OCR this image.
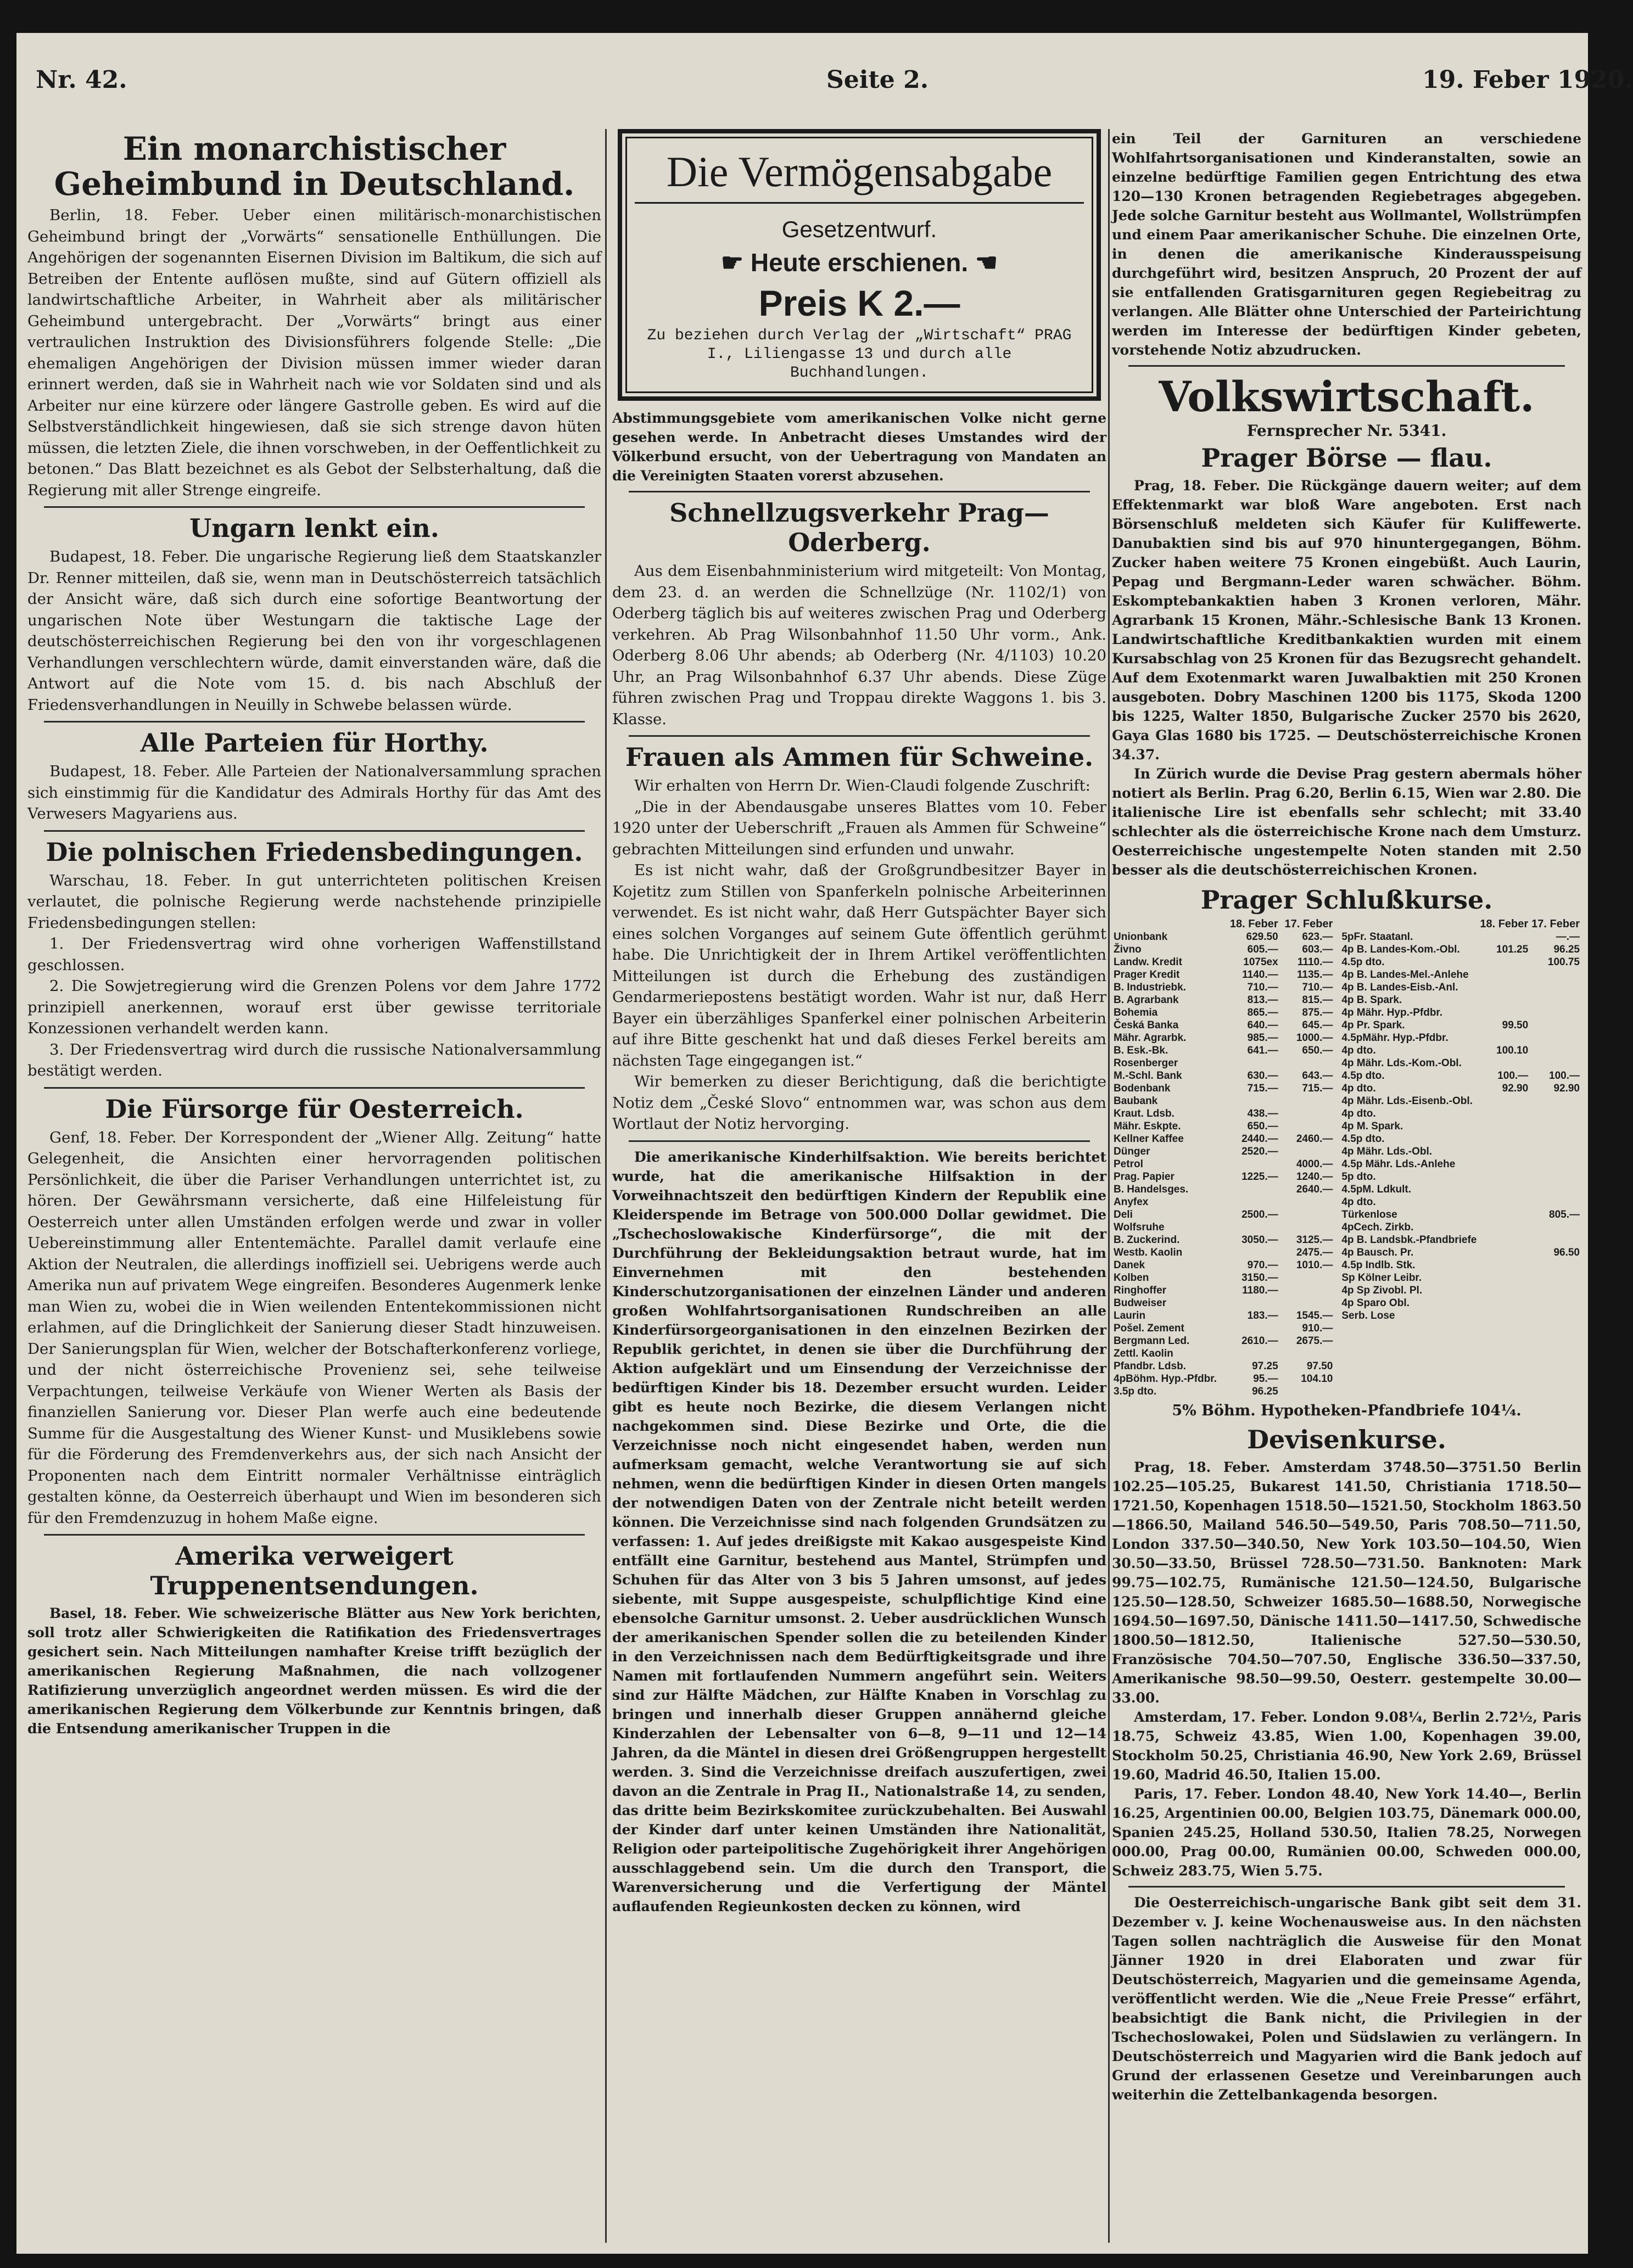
Nr. 42.	Seite 2.	19. Feber 1920.
Ein monarchistischer Geheimbund in Deutschland.

Berlin, 18. Feber. Ueber einen militärisch-monarchistischen Geheimbund bringt der „Vorwärts“ sensationelle Enthüllungen. Die Angehörigen der sogenannten Eisernen Division im Baltikum, die sich auf Betreiben der Entente auflösen mußte, sind auf Gütern offiziell als landwirtschaftliche Arbeiter, in Wahrheit aber als militärischer Geheimbund untergebracht. Der „Vorwärts“ bringt aus einer vertraulichen Instruktion des Divisionsführers folgende Stelle: „Die ehemaligen Angehörigen der Division müssen immer wieder daran erinnert werden, daß sie in Wahrheit nach wie vor Soldaten sind und als Arbeiter nur eine kürzere oder längere Gastrolle geben. Es wird auf die Selbstverständlichkeit hingewiesen, daß sie sich strenge davon hüten müssen, die letzten Ziele, die ihnen vorschweben, in der Oeffentlichkeit zu betonen.“ Das Blatt bezeichnet es als Gebot der Selbsterhaltung, daß die Regierung mit aller Strenge eingreife.

Ungarn lenkt ein.

Budapest, 18. Feber. Die ungarische Regierung ließ dem Staatskanzler Dr. Renner mitteilen, daß sie, wenn man in Deutschösterreich tatsächlich der Ansicht wäre, daß sich durch eine sofortige Beantwortung der ungarischen Note über Westungarn die taktische Lage der deutschösterreichischen Regierung bei den von ihr vorgeschlagenen Verhandlungen verschlechtern würde, damit einverstanden wäre, daß die Antwort auf die Note vom 15. d. bis nach Abschluß der Friedensverhandlungen in Neuilly in Schwebe belassen würde.

Alle Parteien für Horthy.

Budapest, 18. Feber. Alle Parteien der Nationalversammlung sprachen sich einstimmig für die Kandidatur des Admirals Horthy für das Amt des Verwesers Magyariens aus.

Die polnischen Friedensbedingungen.

Warschau, 18. Feber. In gut unterrichteten politischen Kreisen verlautet, die polnische Regierung werde nachstehende prinzipielle Friedensbedingungen stellen:

1. Der Friedensvertrag wird ohne vorherigen Waffenstillstand geschlossen.

2. Die Sowjetregierung wird die Grenzen Polens vor dem Jahre 1772 prinzipiell anerkennen, worauf erst über gewisse territoriale Konzessionen verhandelt werden kann.

3. Der Friedensvertrag wird durch die russische Nationalversammlung bestätigt werden.

Die Fürsorge für Oesterreich.

Genf, 18. Feber. Der Korrespondent der „Wiener Allg. Zeitung“ hatte Gelegenheit, die Ansichten einer hervorragenden politischen Persönlichkeit, die über die Pariser Verhandlungen unterrichtet ist, zu hören. Der Gewährsmann versicherte, daß eine Hilfeleistung für Oesterreich unter allen Umständen erfolgen werde und zwar in voller Uebereinstimmung aller Ententemächte. Parallel damit verlaufe eine Aktion der Neutralen, die allerdings inoffiziell sei. Uebrigens werde auch Amerika nun auf privatem Wege eingreifen. Besonderes Augenmerk lenke man Wien zu, wobei die in Wien weilenden Ententekommissionen nicht erlahmen, auf die Dringlichkeit der Sanierung dieser Stadt hinzuweisen. Der Sanierungsplan für Wien, welcher der Botschafterkonferenz vorliege, und der nicht österreichische Provenienz sei, sehe teilweise Verpachtungen, teilweise Verkäufe von Wiener Werten als Basis der finanziellen Sanierung vor. Dieser Plan werfe auch eine bedeutende Summe für die Ausgestaltung des Wiener Kunst- und Musiklebens sowie für die Förderung des Fremdenverkehrs aus, der sich nach Ansicht der Proponenten nach dem Eintritt normaler Verhältnisse einträglich gestalten könne, da Oesterreich überhaupt und Wien im besonderen sich für den Fremdenzuzug in hohem Maße eigne.

Amerika verweigert Truppenentsendungen.

Basel, 18. Feber. Wie schweizerische Blätter aus New York berichten, soll trotz aller Schwierigkeiten die Ratifikation des Friedensvertrages gesichert sein. Nach Mitteilungen namhafter Kreise trifft bezüglich der amerikanischen Regierung Maßnahmen, die nach vollzogener Ratifizierung unverzüglich angeordnet werden müssen. Es wird die der amerikanischen Regierung dem Völkerbunde zur Kenntnis bringen, daß die Entsendung amerikanischer Truppen in die

Die Vermögensabgabe
Gesetzentwurf.
☛ Heute erschienen. ☚
Preis K 2.—
Zu beziehen durch Verlag der „Wirtschaft“ PRAG I., Liliengasse 13 und durch alle Buchhandlungen.

Abstimmungsgebiete vom amerikanischen Volke nicht gerne gesehen werde. In Anbetracht dieses Umstandes wird der Völkerbund ersucht, von der Uebertragung von Mandaten an die Vereinigten Staaten vorerst abzusehen.

Schnellzugsverkehr Prag—Oderberg.

Aus dem Eisenbahnministerium wird mitgeteilt: Von Montag, dem 23. d. an werden die Schnellzüge (Nr. 1102/1) von Oderberg täglich bis auf weiteres zwischen Prag und Oderberg verkehren. Ab Prag Wilsonbahnhof 11.50 Uhr vorm., Ank. Oderberg 8.06 Uhr abends; ab Oderberg (Nr. 4/1103) 10.20 Uhr, an Prag Wilsonbahnhof 6.37 Uhr abends. Diese Züge führen zwischen Prag und Troppau direkte Waggons 1. bis 3. Klasse.

Frauen als Ammen für Schweine.

Wir erhalten von Herrn Dr. Wien-Claudi folgende Zuschrift:

„Die in der Abendausgabe unseres Blattes vom 10. Feber 1920 unter der Ueberschrift „Frauen als Ammen für Schweine“ gebrachten Mitteilungen sind erfunden und unwahr.

Es ist nicht wahr, daß der Großgrundbesitzer Bayer in Kojetitz zum Stillen von Spanferkeln polnische Arbeiterinnen verwendet. Es ist nicht wahr, daß Herr Gutspächter Bayer sich eines solchen Vorganges auf seinem Gute öffentlich gerühmt habe. Die Unrichtigkeit der in Ihrem Artikel veröffentlichten Mitteilungen ist durch die Erhebung des zuständigen Gendarmeriepostens bestätigt worden. Wahr ist nur, daß Herr Bayer ein überzähliges Spanferkel einer polnischen Arbeiterin auf ihre Bitte geschenkt hat und daß dieses Ferkel bereits am nächsten Tage eingegangen ist.“

Wir bemerken zu dieser Berichtigung, daß die berichtigte Notiz dem „České Slovo“ entnommen war, was schon aus dem Wortlaut der Notiz hervorging.

Die amerikanische Kinderhilfsaktion. Wie bereits berichtet wurde, hat die amerikanische Hilfsaktion in der Vorweihnachtszeit den bedürftigen Kindern der Republik eine Kleiderspende im Betrage von 500.000 Dollar gewidmet. Die „Tschechoslowakische Kinderfürsorge“, die mit der Durchführung der Bekleidungsaktion betraut wurde, hat im Einvernehmen mit den bestehenden Kinderschutzorganisationen der einzelnen Länder und anderen großen Wohlfahrtsorganisationen Rundschreiben an alle Kinderfürsorgeorganisationen in den einzelnen Bezirken der Republik gerichtet, in denen sie über die Durchführung der Aktion aufgeklärt und um Einsendung der Verzeichnisse der bedürftigen Kinder bis 18. Dezember ersucht wurden. Leider gibt es heute noch Bezirke, die diesem Verlangen nicht nachgekommen sind. Diese Bezirke und Orte, die die Verzeichnisse noch nicht eingesendet haben, werden nun aufmerksam gemacht, welche Verantwortung sie auf sich nehmen, wenn die bedürftigen Kinder in diesen Orten mangels der notwendigen Daten von der Zentrale nicht beteilt werden können. Die Verzeichnisse sind nach folgenden Grundsätzen zu verfassen: 1. Auf jedes dreißigste mit Kakao ausgespeiste Kind entfällt eine Garnitur, bestehend aus Mantel, Strümpfen und Schuhen für das Alter von 3 bis 5 Jahren umsonst, auf jedes siebente, mit Suppe ausgespeiste, schulpflichtige Kind eine ebensolche Garnitur umsonst. 2. Ueber ausdrücklichen Wunsch der amerikanischen Spender sollen die zu beteilenden Kinder in den Verzeichnissen nach dem Bedürftigkeitsgrade und ihre Namen mit fortlaufenden Nummern angeführt sein. Weiters sind zur Hälfte Mädchen, zur Hälfte Knaben in Vorschlag zu bringen und innerhalb dieser Gruppen annähernd gleiche Kinderzahlen der Lebensalter von 6—8, 9—11 und 12—14 Jahren, da die Mäntel in diesen drei Größengruppen hergestellt werden. 3. Sind die Verzeichnisse dreifach auszufertigen, zwei davon an die Zentrale in Prag II., Nationalstraße 14, zu senden, das dritte beim Bezirkskomitee zurückzubehalten. Bei Auswahl der Kinder darf unter keinen Umständen ihre Nationalität, Religion oder parteipolitische Zugehörigkeit ihrer Angehörigen ausschlaggebend sein. Um die durch den Transport, die Warenversicherung und die Verfertigung der Mäntel auflaufenden Regieunkosten decken zu können, wird

ein Teil der Garnituren an verschiedene Wohlfahrtsorganisationen und Kinderanstalten, sowie an einzelne bedürftige Familien gegen Entrichtung des etwa 120—130 Kronen betragenden Regiebetrages abgegeben. Jede solche Garnitur besteht aus Wollmantel, Wollstrümpfen und einem Paar amerikanischer Schuhe. Die einzelnen Orte, in denen die amerikanische Kinderausspeisung durchgeführt wird, besitzen Anspruch, 20 Prozent der auf sie entfallenden Gratisgarnituren gegen Regiebeitrag zu verlangen. Alle Blätter ohne Unterschied der Parteirichtung werden im Interesse der bedürftigen Kinder gebeten, vorstehende Notiz abzudrucken.

Volkswirtschaft.
Fernsprecher Nr. 5341.
Prager Börse — flau.

Prag, 18. Feber. Die Rückgänge dauern weiter; auf dem Effektenmarkt war bloß Ware angeboten. Erst nach Börsenschluß meldeten sich Käufer für Kuliffewerte. Danubaktien sind bis auf 970 hinuntergegangen, Böhm. Zucker haben weitere 75 Kronen eingebüßt. Auch Laurin, Pepag und Bergmann-Leder waren schwächer. Böhm. Eskomptebankaktien haben 3 Kronen verloren, Mähr. Agrarbank 15 Kronen, Mähr.-Schlesische Bank 13 Kronen. Landwirtschaftliche Kreditbankaktien wurden mit einem Kursabschlag von 25 Kronen für das Bezugsrecht gehandelt. Auf dem Exotenmarkt waren Juwalbaktien mit 250 Kronen ausgeboten. Dobry Maschinen 1200 bis 1175, Skoda 1200 bis 1225, Walter 1850, Bulgarische Zucker 2570 bis 2620, Gaya Glas 1680 bis 1725. — Deutschösterreichische Kronen 34.37.

In Zürich wurde die Devise Prag gestern abermals höher notiert als Berlin. Prag 6.20, Berlin 6.15, Wien war 2.80. Die italienische Lire ist ebenfalls sehr schlecht; mit 33.40 schlechter als die österreichische Krone nach dem Umsturz. Oesterreichische ungestempelte Noten standen mit 2.50 besser als die deutschösterreichischen Kronen.

Prager Schlußkurse.
	18. Feber	17. Feber
Unionbank	629.50	623.—
Živno	605.—	603.—
Landw. Kredit	1075ex	1110.—
Prager Kredit	1140.—	1135.—
B. Industriebk.	710.—	710.—
B. Agrarbank	813.—	815.—
Bohemia	865.—	875.—
Česká Banka	640.—	645.—
Mähr. Agrarbk.	985.—	1000.—
B. Esk.-Bk.	641.—	650.—
Rosenberger		
M.-Schl. Bank	630.—	643.—
Bodenbank	715.—	715.—
Baubank		
Kraut. Ldsb.	438.—	
Mähr. Eskpte.	650.—	
Kellner Kaffee	2440.—	2460.—
Dünger	2520.—	
Petrol		4000.—
Prag. Papier	1225.—	1240.—
B. Handelsges.		2640.—
Anyfex		
Deli	2500.—	
Wolfsruhe		
B. Zuckerind.	3050.—	3125.—
Westb. Kaolin		2475.—
Danek	970.—	1010.—
Kolben	3150.—	
Ringhoffer	1180.—	
Budweiser		
Laurin	183.—	1545.—
Pošel. Zement		910.—
Bergmann Led.	2610.—	2675.—
Zettl. Kaolin		
Pfandbr. Ldsb.	97.25	97.50
4pBöhm. Hyp.-Pfdbr.	95.—	104.10
3.5p dto.	96.25	
	18. Feber	17. Feber
5pFr. Staatanl.		—.—
4p B. Landes-Kom.-Obl.	101.25	96.25
4.5p dto.		100.75
4p B. Landes-Mel.-Anlehe		
4p B. Landes-Eisb.-Anl.		
4p B. Spark.		
4p Mähr. Hyp.-Pfdbr.		
4p Pr. Spark.	99.50	
4.5pMähr. Hyp.-Pfdbr.		
4p dto.	100.10	
4p Mähr. Lds.-Kom.-Obl.		
4.5p dto.	100.—	100.—
4p dto.	92.90	92.90
4p Mähr. Lds.-Eisenb.-Obl.		
4p dto.		
4p M. Spark.		
4.5p dto.		
4p Mähr. Lds.-Obl.		
4.5p Mähr. Lds.-Anlehe		
5p dto.		
4.5pM. Ldkult.		
4p dto.		
Türkenlose		805.—
4pCech. Zirkb.		
4p B. Landsbk.-Pfandbriefe		
4p Bausch. Pr.		96.50
4.5p Indlb. Stk.		
Sp Kölner Leibr.		
4p Sp Zivobl. Pl.		
4p Sparo Obl.		
Serb. Lose		
5% Böhm. Hypotheken-Pfandbriefe 104¼.
Devisenkurse.

Prag, 18. Feber. Amsterdam 3748.50—3751.50 Berlin 102.25—105.25, Bukarest 141.50, Christiania 1718.50—1721.50, Kopenhagen 1518.50—1521.50, Stockholm 1863.50—1866.50, Mailand 546.50—549.50, Paris 708.50—711.50, London 337.50—340.50, New York 103.50—104.50, Wien 30.50—33.50, Brüssel 728.50—731.50. Banknoten: Mark 99.75—102.75, Rumänische 121.50—124.50, Bulgarische 125.50—128.50, Schweizer 1685.50—1688.50, Norwegische 1694.50—1697.50, Dänische 1411.50—1417.50, Schwedische 1800.50—1812.50, Italienische 527.50—530.50, Französische 704.50—707.50, Englische 336.50—337.50, Amerikanische 98.50—99.50, Oesterr. gestempelte 30.00—33.00.

Amsterdam, 17. Feber. London 9.08¼, Berlin 2.72½, Paris 18.75, Schweiz 43.85, Wien 1.00, Kopenhagen 39.00, Stockholm 50.25, Christiania 46.90, New York 2.69, Brüssel 19.60, Madrid 46.50, Italien 15.00.

Paris, 17. Feber. London 48.40, New York 14.40—, Berlin 16.25, Argentinien 00.00, Belgien 103.75, Dänemark 000.00, Spanien 245.25, Holland 530.50, Italien 78.25, Norwegen 000.00, Prag 00.00, Rumänien 00.00, Schweden 000.00, Schweiz 283.75, Wien 5.75.

Die Oesterreichisch-ungarische Bank gibt seit dem 31. Dezember v. J. keine Wochenausweise aus. In den nächsten Tagen sollen nachträglich die Ausweise für den Monat Jänner 1920 in drei Elaboraten und zwar für Deutschösterreich, Magyarien und die gemeinsame Agenda, veröffentlicht werden. Wie die „Neue Freie Presse“ erfährt, beabsichtigt die Bank nicht, die Privilegien in der Tschechoslowakei, Polen und Südslawien zu verlängern. In Deutschösterreich und Magyarien wird die Bank jedoch auf Grund der erlassenen Gesetze und Vereinbarungen auch weiterhin die Zettelbankagenda besorgen.
